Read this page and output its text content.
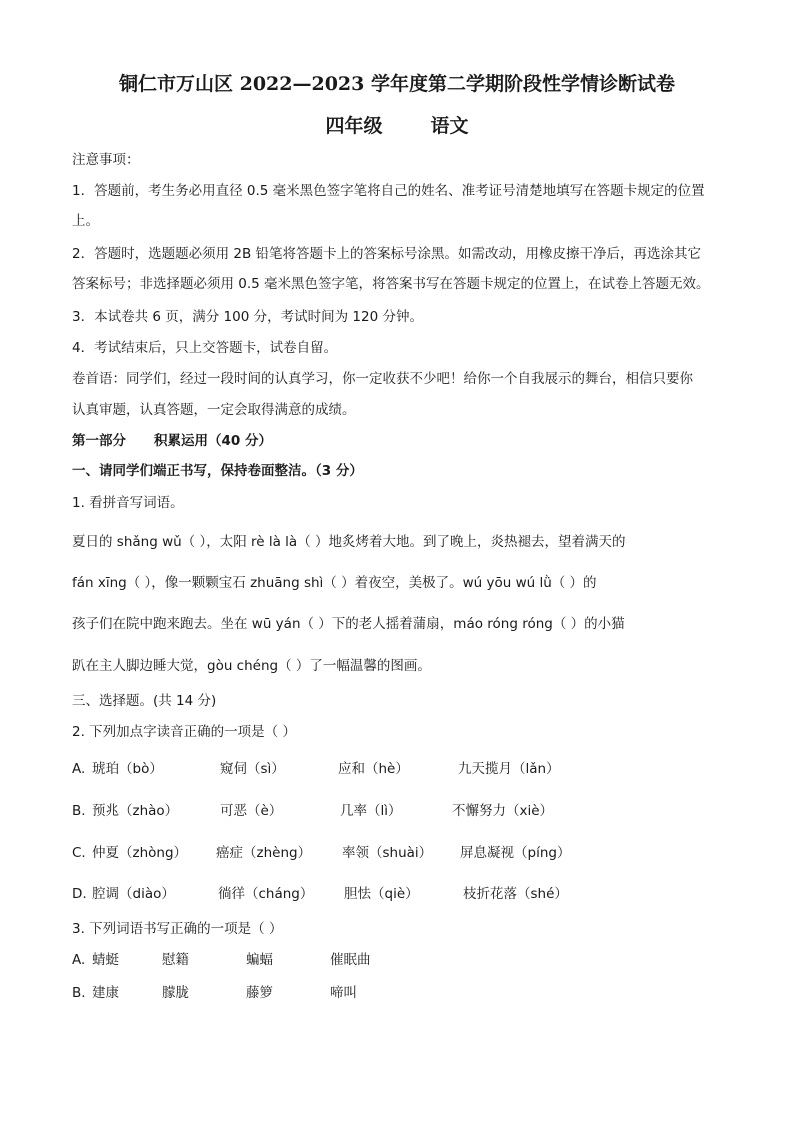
铜仁市万山区 2022—2023 学年度第二学期阶段性学情诊断试卷
四年级	语文
注意事项：
1．答题前，考生务必用直径 0.5 毫米黑色签字笔将自己的姓名、准考证号清楚地填写在答题卡规定的位置
上。
2．答题时，选题题必须用 2B 铅笔将答题卡上的答案标号涂黑。如需改动，用橡皮擦干净后，再选涂其它
答案标号；非选择题必须用 0.5 毫米黑色签字笔，将答案书写在答题卡规定的位置上，在试卷上答题无效。
3．本试卷共 6 页，满分 100 分，考试时间为 120 分钟。
4．考试结束后，只上交答题卡，试卷自留。
卷首语：同学们，经过一段时间的认真学习，你一定收获不少吧！给你一个自我展示的舞台，相信只要你
认真审题，认真答题，一定会取得满意的成绩。
第一部分 积累运用（40 分）
一、请同学们端正书写，保持卷面整洁。（3 分）
1. 看拼音写词语。
夏日的 shǎng wǔ（ ），太阳 rè là là（ ）地炙烤着大地。到了晚上，炎热褪去，望着满天的
fán xīng（ ），像一颗颗宝石 zhuāng shì（ ）着夜空，美极了。wú yōu wú lǜ（ ）的
孩子们在院中跑来跑去。坐在 wū yán（ ）下的老人摇着蒲扇，máo róng róng（ ）的小猫
趴在主人脚边睡大觉，gòu chéng（ ）了一幅温馨的图画。
三、选择题。(共 14 分)
2. 下列加点字读音正确的一项是（ ）
A. 琥珀（bò）	窥伺（sì）	应和（hè）	九天揽月（lǎn）
B. 预兆（zhào）	可恶（è）	几率（lì）	不懈努力（xiè）
C. 仲夏（zhòng） 癌症（zhèng） 率领（shuài） 屏息凝视（píng）
D. 腔调（diào）	徜徉（cháng） 胆怯（qiè）	枝折花落（shé）
3. 下列词语书写正确的一项是（ ）
A. 蜻蜓	慰籍	蝙蝠	催眠曲
B. 建康	朦胧	藤箩	啼叫
